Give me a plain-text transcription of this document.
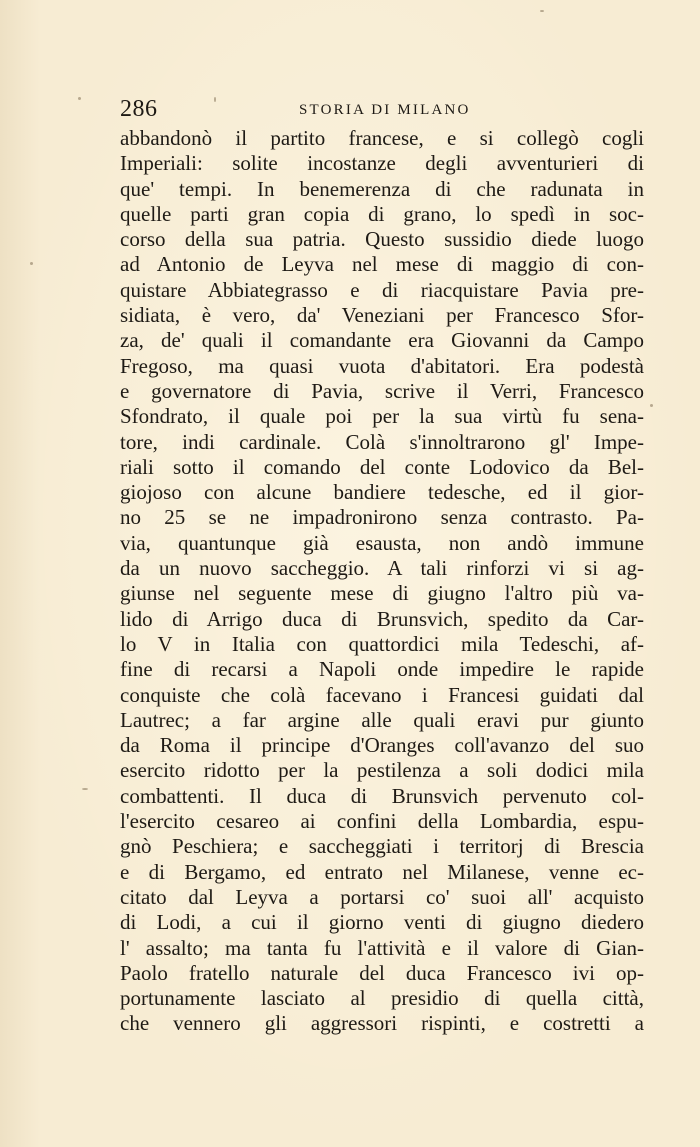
286	STORIA DI MILANO
abbandonò il partito francese, e si collegò cogli
Imperiali: solite incostanze degli avventurieri di
que' tempi. In benemerenza di che radunata in
quelle parti gran copia di grano, lo spedì in soc-
corso della sua patria. Questo sussidio diede luogo
ad Antonio de Leyva nel mese di maggio di con-
quistare Abbiategrasso e di riacquistare Pavia pre-
sidiata, è vero, da' Veneziani per Francesco Sfor-
za, de' quali il comandante era Giovanni da Campo
Fregoso, ma quasi vuota d'abitatori. Era podestà
e governatore di Pavia, scrive il Verri, Francesco
Sfondrato, il quale poi per la sua virtù fu sena-
tore, indi cardinale. Colà s'innoltrarono gl' Impe-
riali sotto il comando del conte Lodovico da Bel-
giojoso con alcune bandiere tedesche, ed il gior-
no 25 se ne impadronirono senza contrasto. Pa-
via, quantunque già esausta, non andò immune
da un nuovo saccheggio. A tali rinforzi vi si ag-
giunse nel seguente mese di giugno l'altro più va-
lido di Arrigo duca di Brunsvich, spedito da Car-
lo V in Italia con quattordici mila Tedeschi, af-
fine di recarsi a Napoli onde impedire le rapide
conquiste che colà facevano i Francesi guidati dal
Lautrec; a far argine alle quali eravi pur giunto
da Roma il principe d'Oranges coll'avanzo del suo
esercito ridotto per la pestilenza a soli dodici mila
combattenti. Il duca di Brunsvich pervenuto col-
l'esercito cesareo ai confini della Lombardia, espu-
gnò Peschiera; e saccheggiati i territorj di Brescia
e di Bergamo, ed entrato nel Milanese, venne ec-
citato dal Leyva a portarsi co' suoi all' acquisto
di Lodi, a cui il giorno venti di giugno diedero
l' assalto; ma tanta fu l'attività e il valore di Gian-
Paolo fratello naturale del duca Francesco ivi op-
portunamente lasciato al presidio di quella città,
che vennero gli aggressori rispinti, e costretti a
